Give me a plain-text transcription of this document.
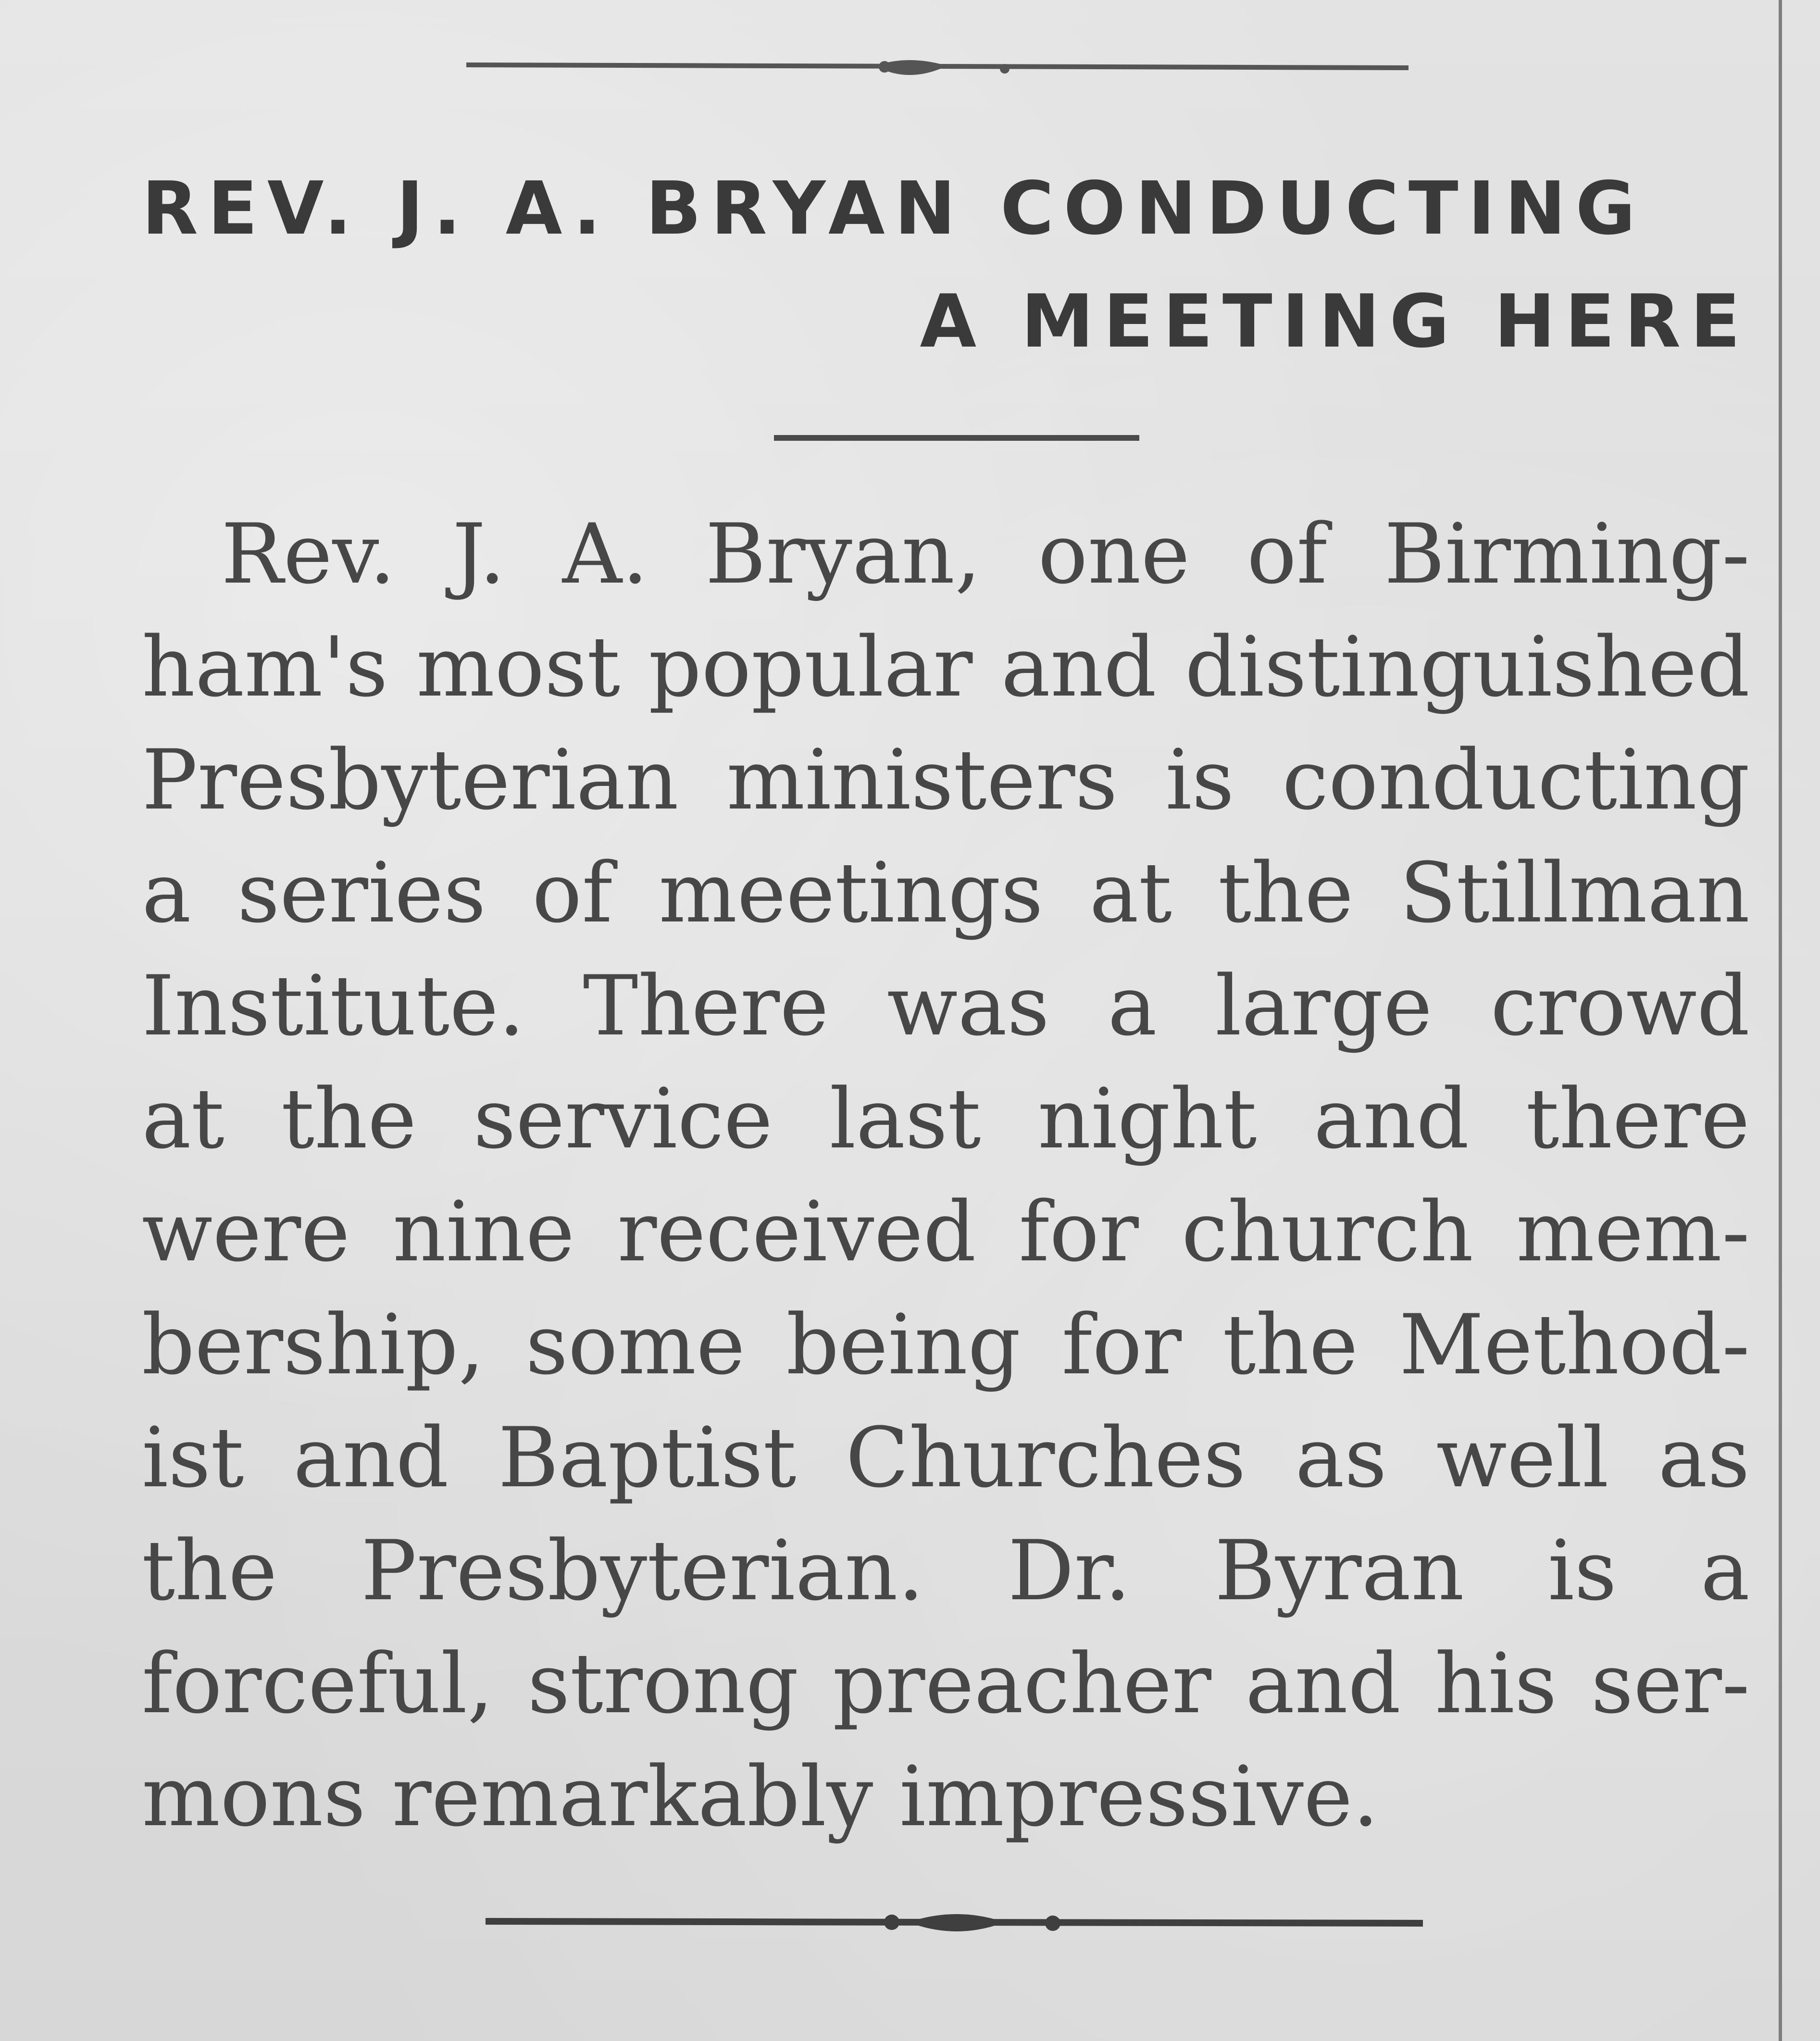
REV. J. A. BRYAN CONDUCTING
A MEETING HERE
Rev. J. A. Bryan, one of Birming-
ham's most popular and distinguished
Presbyterian ministers is conducting
a series of meetings at the Stillman
Institute. There was a large crowd
at the service last night and there
were nine received for church mem-
bership, some being for the Method-
ist and Baptist Churches as well as
the Presbyterian. Dr. Byran is a
forceful, strong preacher and his ser-
mons remarkably impressive.
